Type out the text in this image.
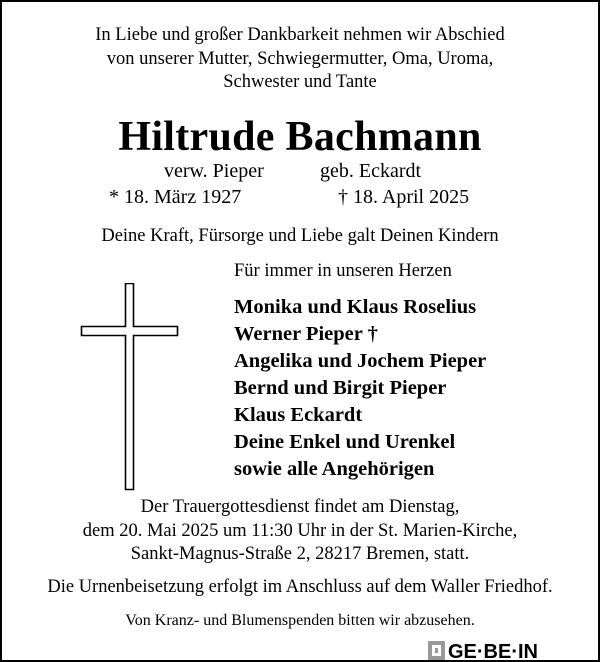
In Liebe und großer Dankbarkeit nehmen wir Abschied
von unserer Mutter, Schwiegermutter, Oma, Uroma,
Schwester und Tante
Hiltrude Bachmann
verw. Pieper	geb. Eckardt
* 18. März 1927	† 18. April 2025
Deine Kraft, Fürsorge und Liebe galt Deinen Kindern
Für immer in unseren Herzen
Monika und Klaus Roselius
Werner Pieper †
Angelika und Jochem Pieper
Bernd und Birgit Pieper
Klaus Eckardt
Deine Enkel und Urenkel
sowie alle Angehörigen
Der Trauergottesdienst findet am Dienstag,
dem 20. Mai 2025 um 11:30 Uhr in der St. Marien-Kirche,
Sankt-Magnus-Straße 2, 28217 Bremen, statt.
Die Urnenbeisetzung erfolgt im Anschluss auf dem Waller Friedhof.
Von Kranz- und Blumenspenden bitten wir abzusehen.
GE·BE·IN
